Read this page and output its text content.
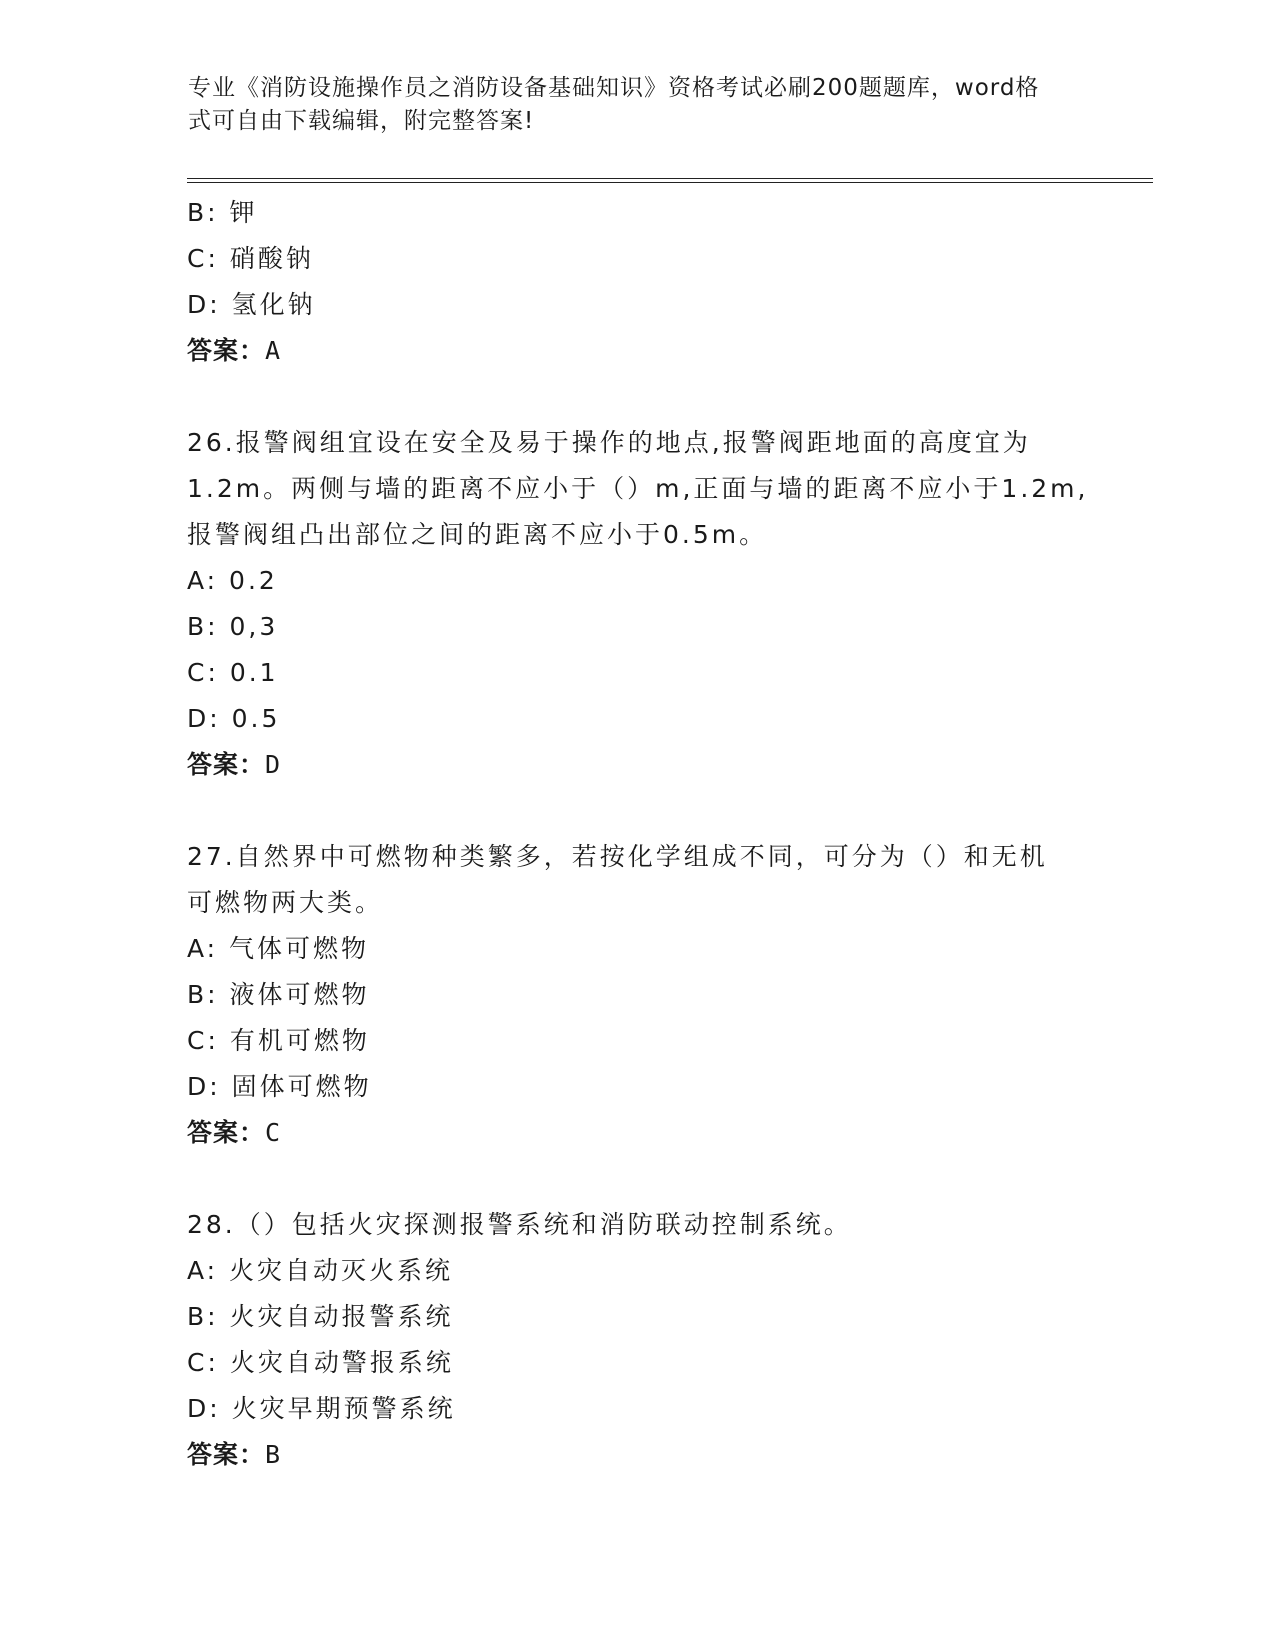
专业《消防设施操作员之消防设备基础知识》资格考试必刷200题题库，word格
式可自由下载编辑，附完整答案!
B: 钾
C: 硝酸钠
D: 氢化钠
答案：A
26.报警阀组宜设在安全及易于操作的地点,报警阀距地面的高度宜为
1.2m。两侧与墙的距离不应小于（）m,正面与墙的距离不应小于1.2m,
报警阀组凸出部位之间的距离不应小于0.5m。
A: 0.2
B: 0,3
C: 0.1
D: 0.5
答案：D
27.自然界中可燃物种类繁多，若按化学组成不同，可分为（）和无机
可燃物两大类。
A: 气体可燃物
B: 液体可燃物
C: 有机可燃物
D: 固体可燃物
答案：C
28.（）包括火灾探测报警系统和消防联动控制系统。
A: 火灾自动灭火系统
B: 火灾自动报警系统
C: 火灾自动警报系统
D: 火灾早期预警系统
答案：B
